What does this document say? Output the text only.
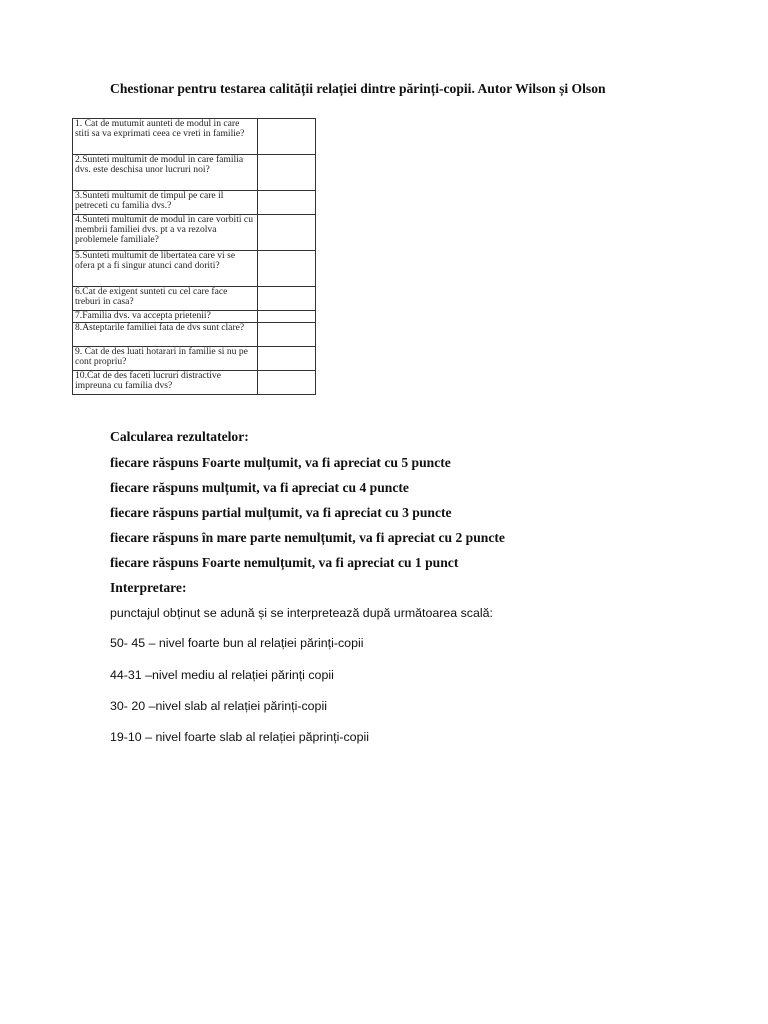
Chestionar pentru testarea calității relației dintre părinți-copii. Autor Wilson și Olson
1. Cat de mutumit aunteti de modul in care stiti sa va exprimati ceea ce vreti in familie?	
2.Sunteti multumit de modul in care familia dvs. este deschisa unor lucruri noi?	
3.Sunteti multumit de timpul pe care il petreceti cu familia dvs.?	
4.Sunteti multumit de modul in care vorbiti cu membrii familiei dvs. pt a va rezolva problemele familiale?	
5.Sunteti multumit de libertatea care vi se ofera pt a fi singur atunci cand doriti?	
6.Cat de exigent sunteti cu cel care face treburi in casa?	
7.Familia dvs. va accepta prietenii?	
8.Asteptarile familiei fata de dvs sunt clare?	
9. Cat de des luati hotarari in familie si nu pe cont propriu?	
10.Cat de des faceti lucruri distractive impreuna cu familia dvs?	
Calcularea rezultatelor:
fiecare răspuns Foarte mulțumit, va fi apreciat cu 5 puncte
fiecare răspuns mulțumit, va fi apreciat cu 4 puncte
fiecare răspuns partial mulțumit, va fi apreciat cu 3 puncte
fiecare răspuns în mare parte nemulțumit, va fi apreciat cu 2 puncte
fiecare răspuns Foarte nemulțumit, va fi apreciat cu 1 punct
Interpretare:
punctajul obținut se adună și se interpretează după următoarea scală:
50- 45 – nivel foarte bun al relației părinți-copii
44-31 –nivel mediu al relației părinți copii
30- 20 –nivel slab al relației părinți-copii
19-10 – nivel foarte slab al relației păprinți-copii
